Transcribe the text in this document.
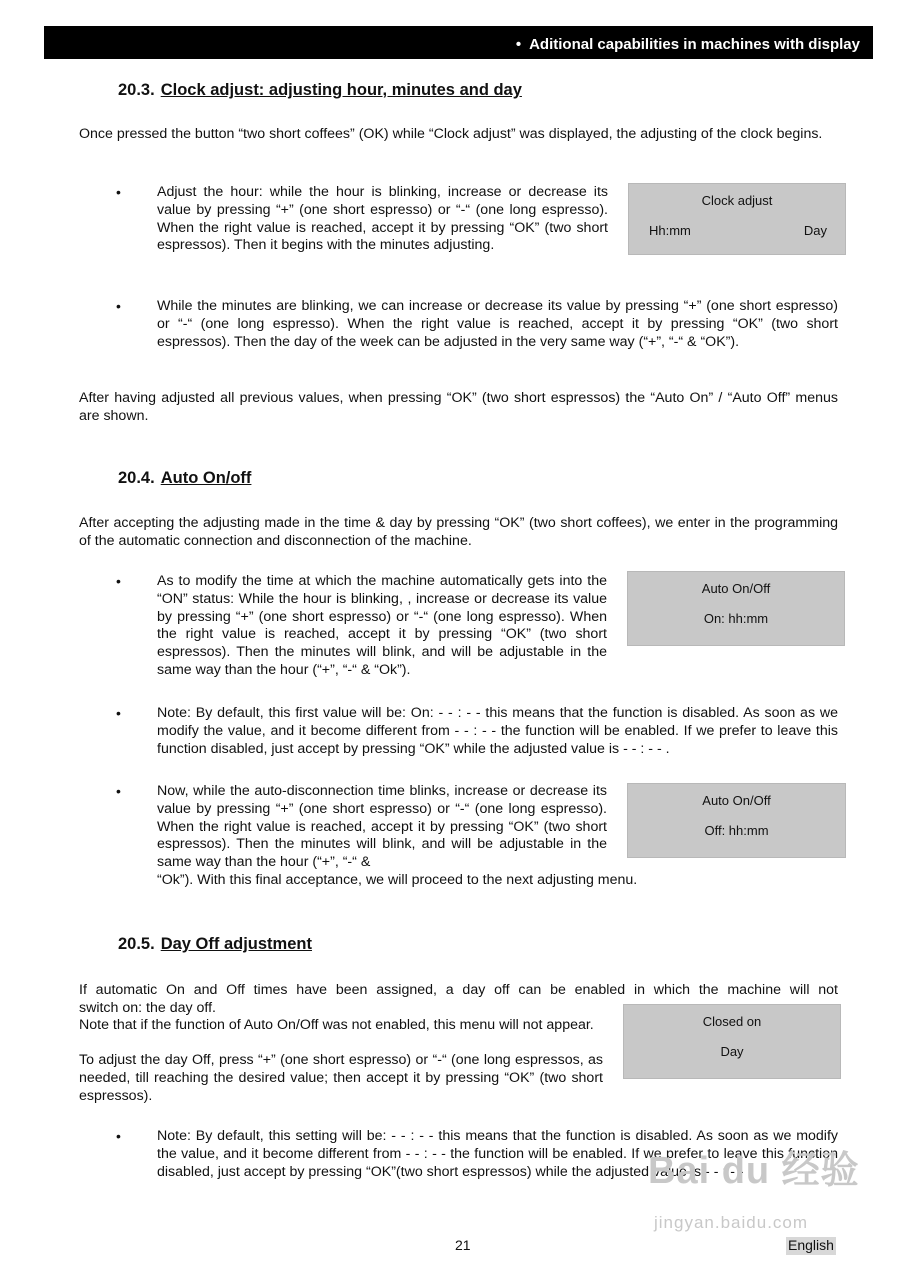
• Aditional capabilities in machines with display
20.3. Clock adjust: adjusting hour, minutes and day
Once pressed the button “two short coffees” (OK) while “Clock adjust” was displayed, the adjusting of the clock begins.
•	Adjust the hour: while the hour is blinking, increase or decrease its value by pressing “+” (one short espresso) or “-“ (one long espresso). When the right value is reached, accept it by pressing “OK” (two short espressos). Then it begins with the minutes adjusting.
Clock adjust
Hh:mm	Day
•	While the minutes are blinking, we can increase or decrease its value by pressing “+” (one short espresso) or “-“ (one long espresso). When the right value is reached, accept it by pressing “OK” (two short espressos). Then the day of the week can be adjusted in the very same way (“+”, “-“ & “OK”).
After having adjusted all previous values, when pressing “OK” (two short espressos) the “Auto On” / “Auto Off” menus are shown.
20.4. Auto On/off
After accepting the adjusting made in the time & day by pressing “OK” (two short coffees), we enter in the programming of the automatic connection and disconnection of the machine.
•	As to modify the time at which the machine automatically gets into the “ON” status: While the hour is blinking, , increase or decrease its value by pressing “+” (one short espresso) or “-“ (one long espresso). When the right value is reached, accept it by pressing “OK” (two short espressos). Then the minutes will blink, and will be adjustable in the same way than the hour (“+”, “-“ & “Ok”).
Auto On/Off
On: hh:mm
•	Note: By default, this first value will be: On: - - : - - this means that the function is disabled. As soon as we modify the value, and it become different from - - : - - the function will be enabled. If we prefer to leave this function disabled, just accept by pressing “OK” while the adjusted value is - - : - - .
•	Now, while the auto-disconnection time blinks, increase or decrease its value by pressing “+” (one short espresso) or “-“ (one long espresso). When the right value is reached, accept it by pressing “OK” (two short espressos). Then the minutes will blink, and will be adjustable in the same way than the hour (“+”, “-“ &
“Ok”). With this final acceptance, we will proceed to the next adjusting menu.
Auto On/Off
Off: hh:mm
20.5. Day Off adjustment
If automatic On and Off times have been assigned, a day off can be enabled in which the machine will not
switch on: the day off.
Note that if the function of Auto On/Off was not enabled, this menu will not appear.
To adjust the day Off, press “+” (one short espresso) or “-“ (one long espressos, as needed, till reaching the desired value; then accept it by pressing “OK” (two short espressos).
Closed on
Day
•	Note: By default, this setting will be: - - : - - this means that the function is disabled. As soon as we modify the value, and it become different from - - : - - the function will be enabled. If we prefer to leave this function disabled, just accept by pressing “OK”(two short espressos) while the adjusted value is - - : - -
Bai du 经验
jingyan.baidu.com
21	English
